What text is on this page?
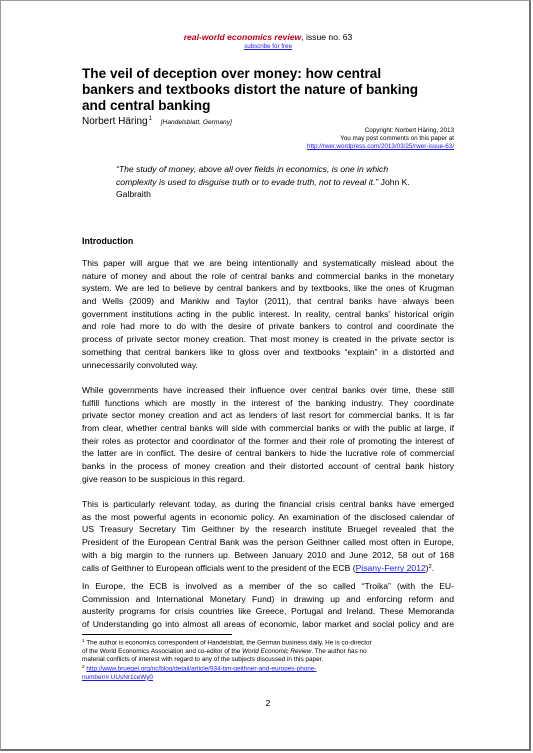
real-world economics review, issue no. 63
subscribe for free
The veil of deception over money: how central
bankers and textbooks distort the nature of banking
and central banking
Norbert Häring$^1$ [Handelsblatt, Germany]
Copyright: Norbert Häring, 2013
You may post comments on this paper at
http://rwer.wordpress.com/2013/03/25/rwer-issue-63/
“The study of money, above all over fields in economics, is one in which
complexity is used to disguise truth or to evade truth, not to reveal it.” John K.
Galbraith
Introduction
This paper will argue that we are being intentionally and systematically mislead about the
nature of money and about the role of central banks and commercial banks in the monetary
system. We are led to believe by central bankers and by textbooks, like the ones of Krugman
and Wells (2009) and Mankiw and Taylor (2011), that central banks have always been
government institutions acting in the public interest. In reality, central banks' historical origin
and role had more to do with the desire of private bankers to control and coordinate the
process of private sector money creation. That most money is created in the private sector is
something that central bankers like to gloss over and textbooks “explain” in a distorted and
unnecessarily convoluted way.
While governments have increased their influence over central banks over time, these still
fulfill functions which are mostly in the interest of the banking industry. They coordinate
private sector money creation and act as lenders of last resort for commercial banks. It is far
from clear, whether central banks will side with commercial banks or with the public at large, if
their roles as protector and coordinator of the former and their role of promoting the interest of
the latter are in conflict. The desire of central bankers to hide the lucrative role of commercial
banks in the process of money creation and their distorted account of central bank history
give reason to be suspicious in this regard.
This is particularly relevant today, as during the financial crisis central banks have emerged
as the most powerful agents in economic policy. An examination of the disclosed calendar of
US Treasury Secretary Tim Geithner by the research institute Bruegel revealed that the
President of the European Central Bank was the person Geithner called most often in Europe,
with a big margin to the runners up. Between January 2010 and June 2012, 58 out of 168
calls of Geithner to European officials went to the president of the ECB (Pisany-Ferry 2012)$^2$.
In Europe, the ECB is involved as a member of the so called “Troika” (with the EU-
Commission and International Monetary Fund) in drawing up and enforcing reform and
austerity programs for crisis countries like Greece, Portugal and Ireland. These Memoranda
of Understanding go into almost all areas of economic, labor market and social policy and are
$^1$ The author is economics correspondent of Handelsblatt, the German business daily. He is co-director
of the World Economics Association and co-editor of the World Economic Review. The author has no
material conflicts of interest with regard to any of the subjects discussed in this paper.
$^2$ http://www.bruegel.org/nc/blog/detail/article/934-tim-geithner-and-europes-phone-
number/#.UUsNr1ceWy0
2
